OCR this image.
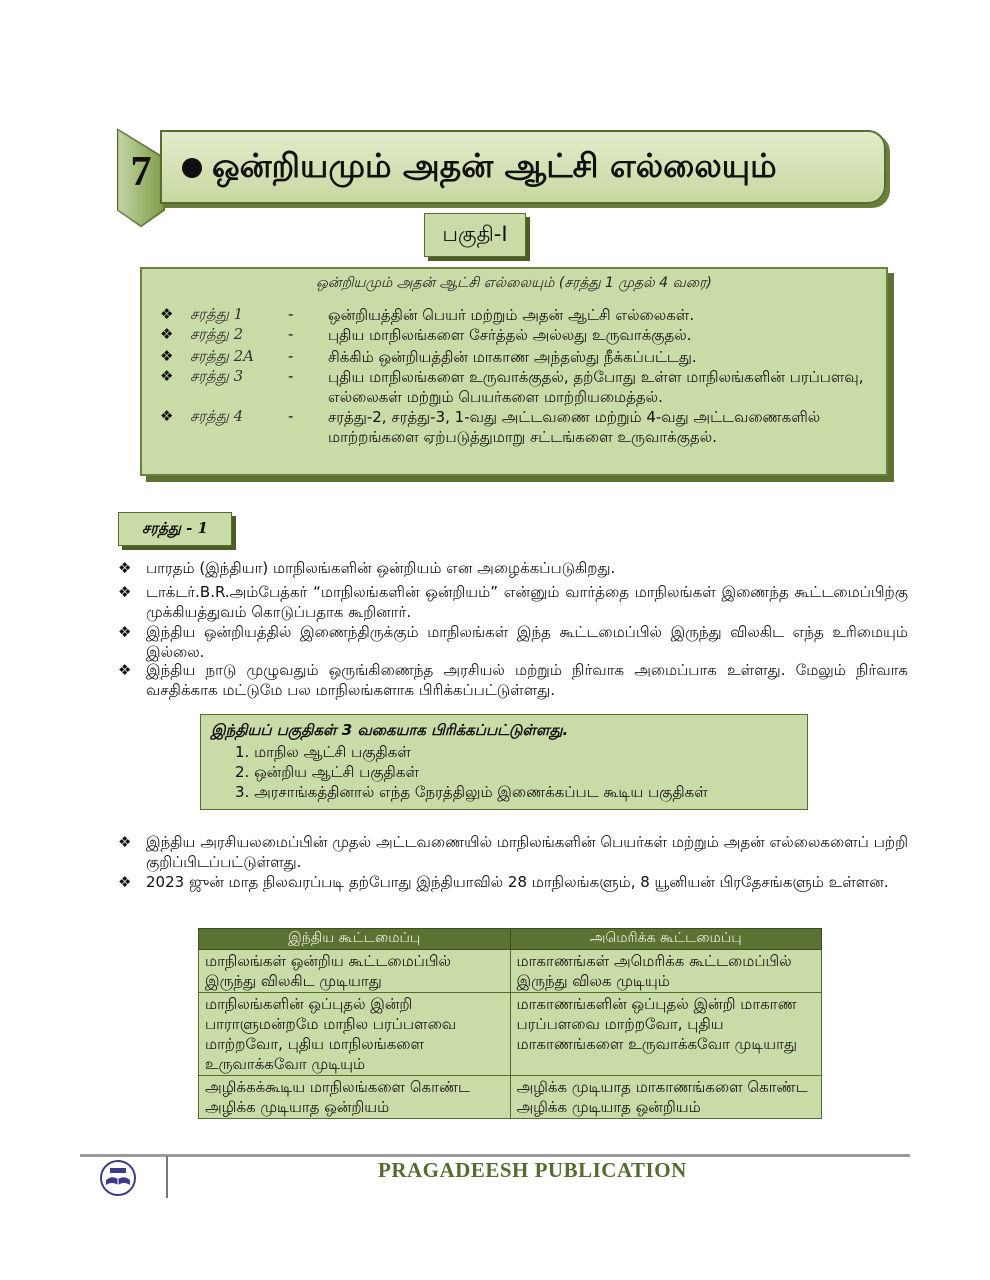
7 ஒன்றியமும் அதன் ஆட்சி எல்லையும்
பகுதி-I
ஒன்றியமும் அதன் ஆட்சி எல்லையும் (சரத்து 1 முதல் 4 வரை)
❖ சரத்து 1	- ஒன்றியத்தின் பெயர் மற்றும் அதன் ஆட்சி எல்லைகள்.
❖ சரத்து 2	- புதிய மாநிலங்களை சேர்த்தல் அல்லது உருவாக்குதல்.
❖ சரத்து 2A - சிக்கிம் ஒன்றியத்தின் மாகாண அந்தஸ்து நீக்கப்பட்டது.
❖ சரத்து 3	- புதிய மாநிலங்களை உருவாக்குதல், தற்போது உள்ள மாநிலங்களின் பரப்பளவு, எல்லைகள் மற்றும் பெயர்களை மாற்றியமைத்தல்.
❖ சரத்து 4	- சரத்து-2, சரத்து-3, 1-வது அட்டவணை மற்றும் 4-வது அட்டவணைகளில் மாற்றங்களை ஏற்படுத்துமாறு சட்டங்களை உருவாக்குதல்.
சரத்து - 1
❖ பாரதம் (இந்தியா) மாநிலங்களின் ஒன்றியம் என அழைக்கப்படுகிறது.
❖ டாக்டர்.B.R.அம்பேத்கர் “மாநிலங்களின் ஒன்றியம்” என்னும் வார்த்தை மாநிலங்கள் இணைந்த கூட்டமைப்பிற்கு முக்கியத்துவம் கொடுப்பதாக கூறினார்.
❖ இந்திய ஒன்றியத்தில் இணைந்திருக்கும் மாநிலங்கள் இந்த கூட்டமைப்பில் இருந்து விலகிட எந்த உரிமையும் இல்லை.
❖ இந்திய நாடு முழுவதும் ஒருங்கிணைந்த அரசியல் மற்றும் நிர்வாக அமைப்பாக உள்ளது. மேலும் நிர்வாக வசதிக்காக மட்டுமே பல மாநிலங்களாக பிரிக்கப்பட்டுள்ளது.
இந்தியப் பகுதிகள் 3 வகையாக பிரிக்கப்பட்டுள்ளது.
1. மாநில ஆட்சி பகுதிகள்
2. ஒன்றிய ஆட்சி பகுதிகள்
3. அரசாங்கத்தினால் எந்த நேரத்திலும் இணைக்கப்பட கூடிய பகுதிகள்
❖ இந்திய அரசியலமைப்பின் முதல் அட்டவணையில் மாநிலங்களின் பெயர்கள் மற்றும் அதன் எல்லைகளைப் பற்றி குறிப்பிடப்பட்டுள்ளது.
❖ 2023 ஜுன் மாத நிலவரப்படி தற்போது இந்தியாவில் 28 மாநிலங்களும், 8 யூனியன் பிரதேசங்களும் உள்ளன.
இந்திய கூட்டமைப்பு	அமெரிக்க கூட்டமைப்பு
மாநிலங்கள் ஒன்றிய கூட்டமைப்பில் இருந்து விலகிட முடியாது	மாகாணங்கள் அமெரிக்க கூட்டமைப்பில் இருந்து விலக முடியும்
மாநிலங்களின் ஒப்புதல் இன்றி பாராளுமன்றமே மாநில பரப்பளவை மாற்றவோ, புதிய மாநிலங்களை உருவாக்கவோ முடியும்	மாகாணங்களின் ஒப்புதல் இன்றி மாகாண பரப்பளவை மாற்றவோ, புதிய மாகாணங்களை உருவாக்கவோ முடியாது
அழிக்கக்கூடிய மாநிலங்களை கொண்ட அழிக்க முடியாத ஒன்றியம்	அழிக்க முடியாத மாகாணங்களை கொண்ட அழிக்க முடியாத ஒன்றியம்
PRAGADEESH PUBLICATION
